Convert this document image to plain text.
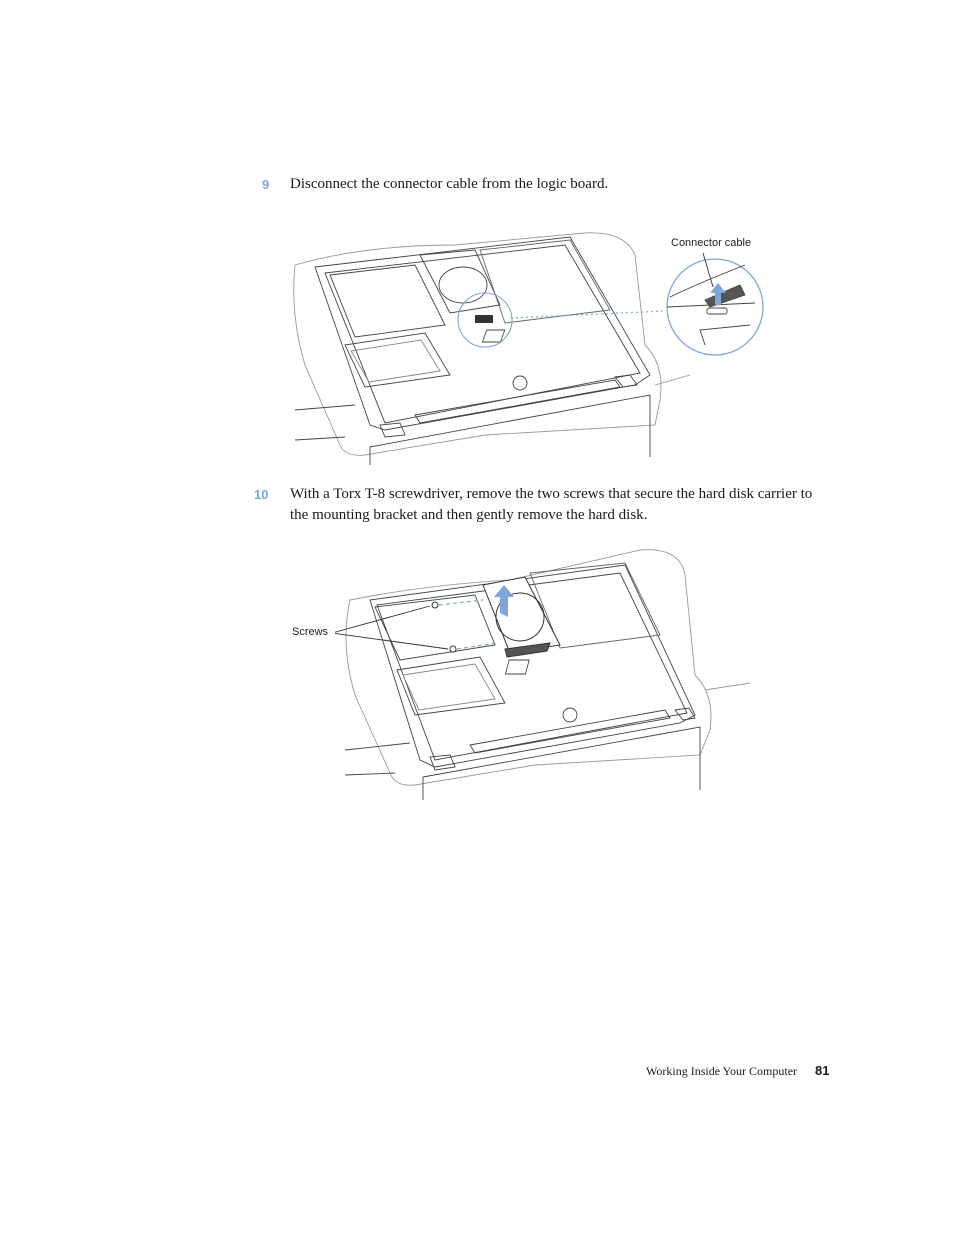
9 Disconnect the connector cable from the logic board.
Connector cable
10 With a Torx T-8 screwdriver, remove the two screws that secure the hard disk carrier to the mounting bracket and then gently remove the hard disk.
Screws
Working Inside Your Computer 81
